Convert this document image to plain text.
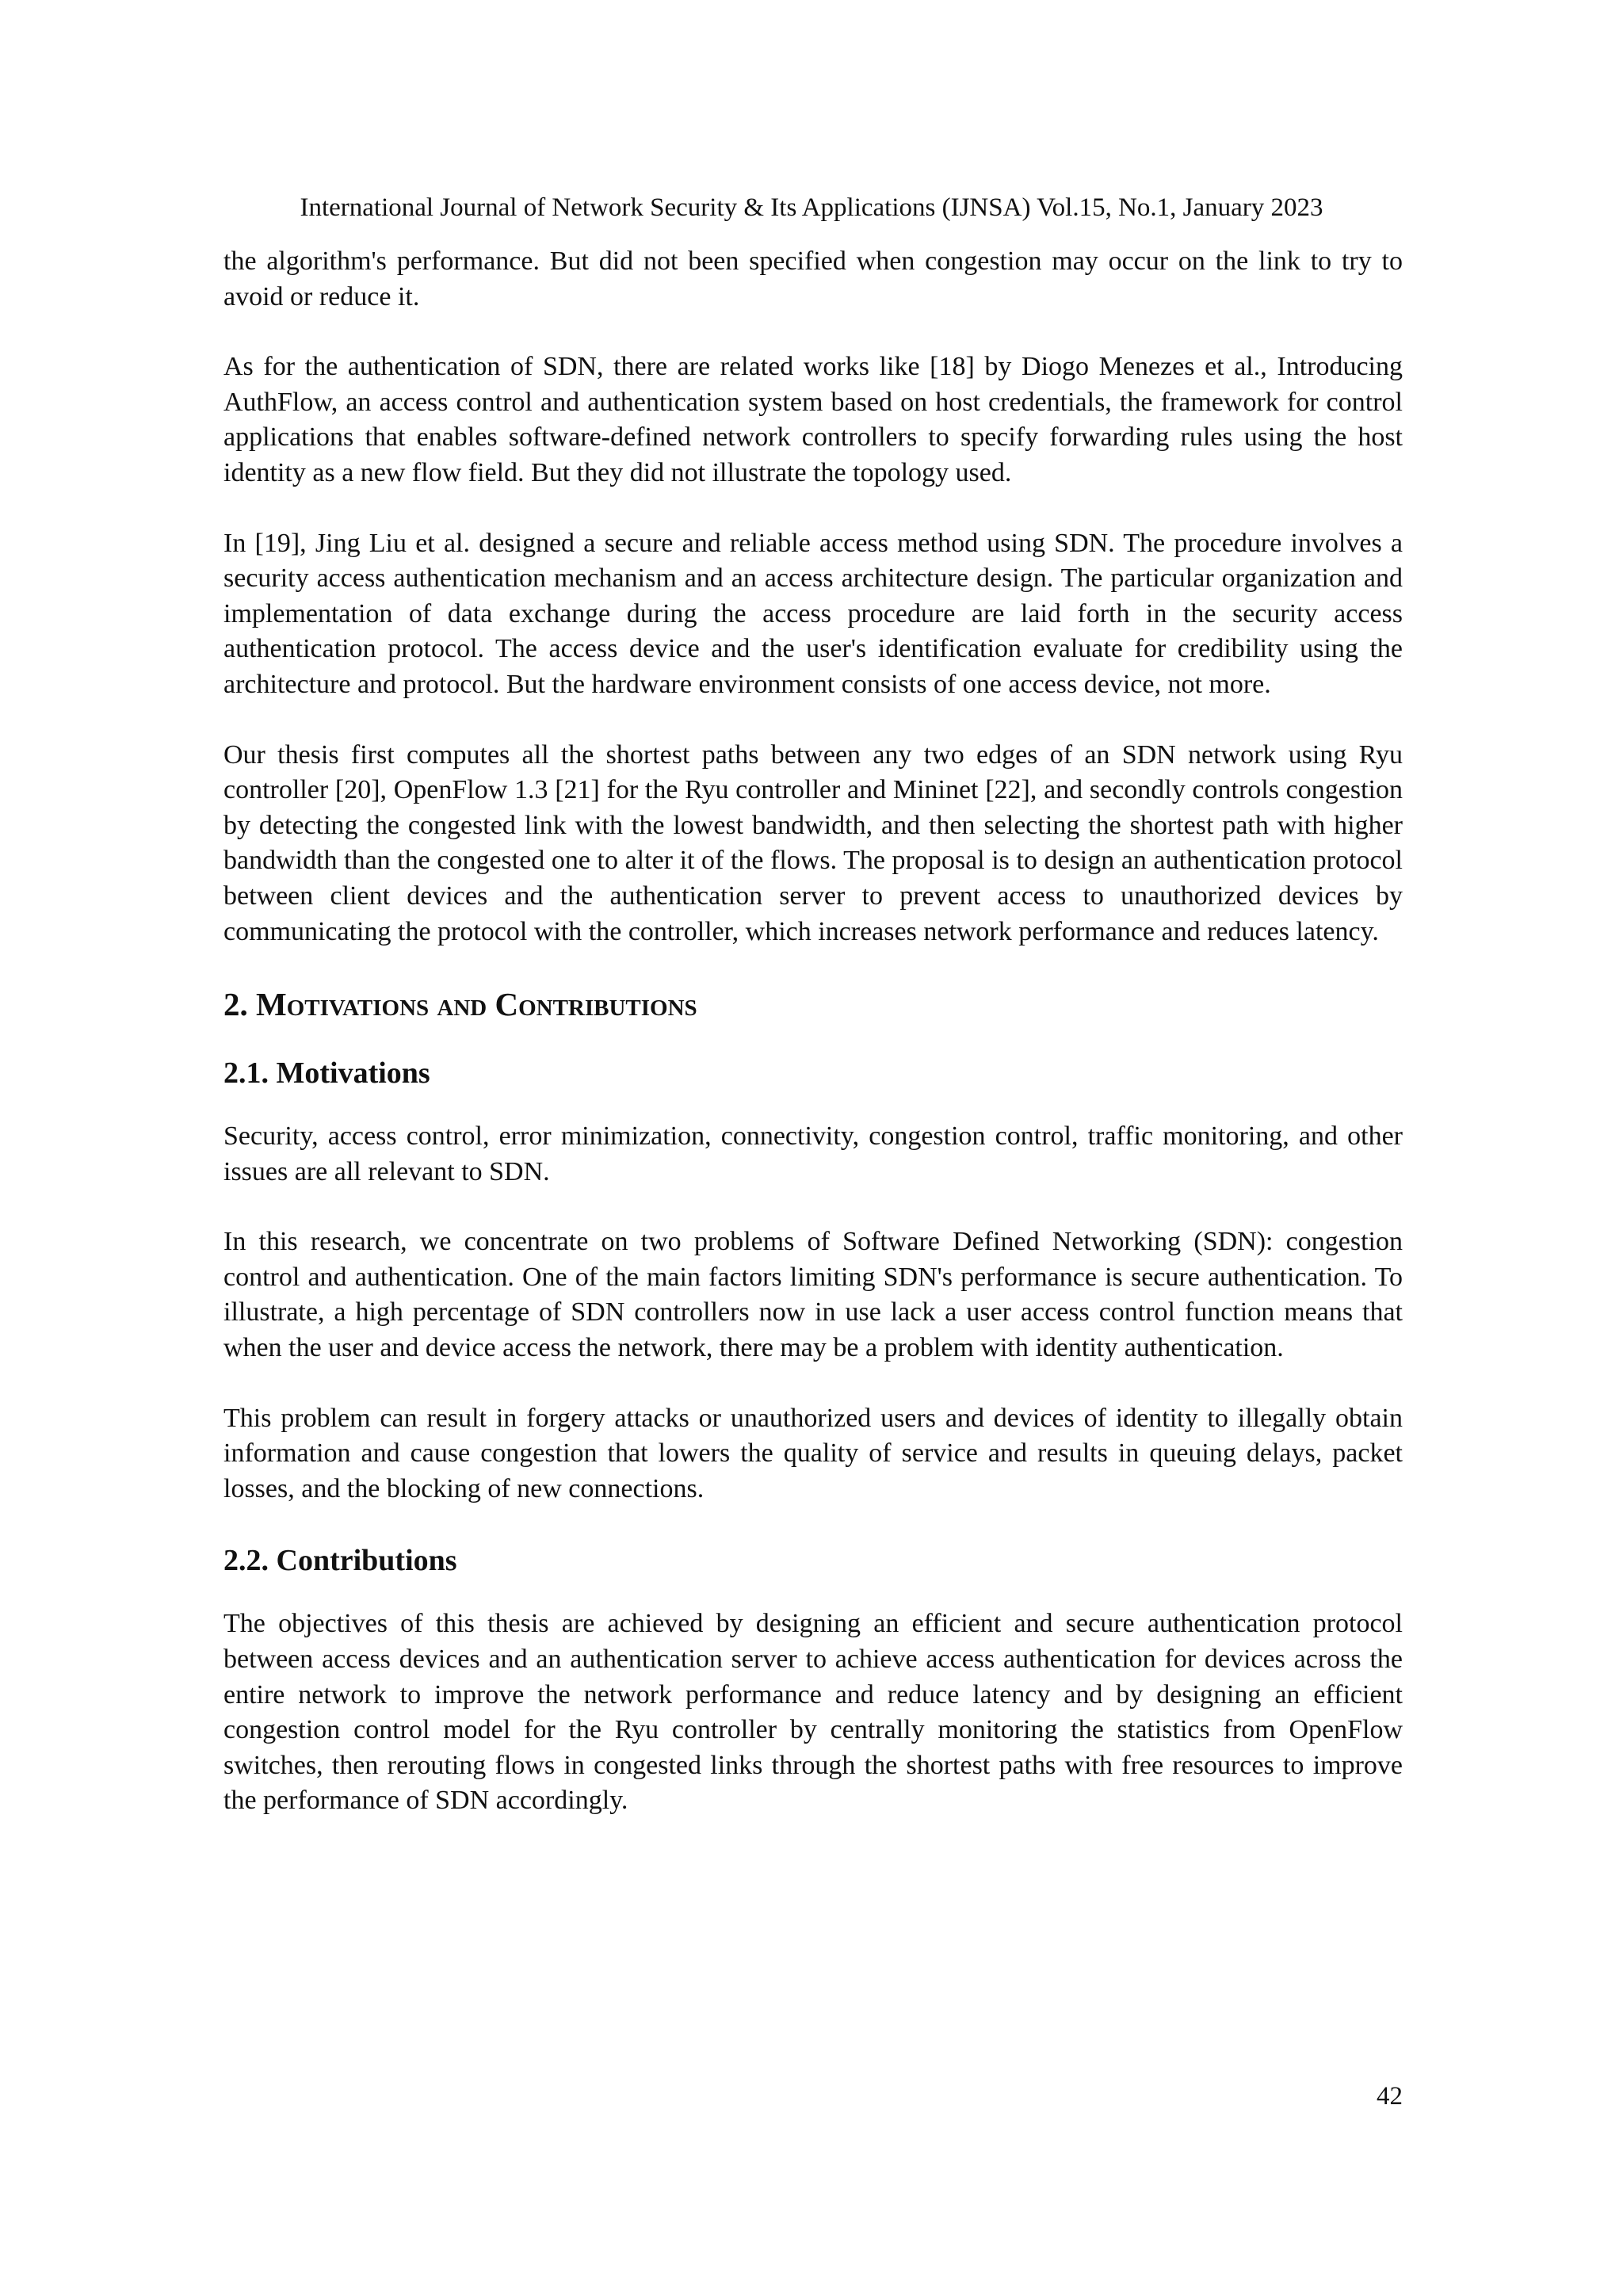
International Journal of Network Security & Its Applications (IJNSA) Vol.15, No.1, January 2023

the algorithm's performance. But did not been specified when congestion may occur on the link to try to avoid or reduce it.

As for the authentication of SDN, there are related works like [18] by Diogo Menezes et al., Introducing AuthFlow, an access control and authentication system based on host credentials, the framework for control applications that enables software-defined network controllers to specify forwarding rules using the host identity as a new flow field. But they did not illustrate the topology used.

In [19], Jing Liu et al. designed a secure and reliable access method using SDN. The procedure involves a security access authentication mechanism and an access architecture design. The particular organization and implementation of data exchange during the access procedure are laid forth in the security access authentication protocol. The access device and the user's identification evaluate for credibility using the architecture and protocol. But the hardware environment consists of one access device, not more.

Our thesis first computes all the shortest paths between any two edges of an SDN network using Ryu controller [20], OpenFlow 1.3 [21] for the Ryu controller and Mininet [22], and secondly controls congestion by detecting the congested link with the lowest bandwidth, and then selecting the shortest path with higher bandwidth than the congested one to alter it of the flows. The proposal is to design an authentication protocol between client devices and the authentication server to prevent access to unauthorized devices by communicating the protocol with the controller, which increases network performance and reduces latency.

2. Motivations and Contributions
2.1. Motivations

Security, access control, error minimization, connectivity, congestion control, traffic monitoring, and other issues are all relevant to SDN.

In this research, we concentrate on two problems of Software Defined Networking (SDN): congestion control and authentication. One of the main factors limiting SDN's performance is secure authentication. To illustrate, a high percentage of SDN controllers now in use lack a user access control function means that when the user and device access the network, there may be a problem with identity authentication.

This problem can result in forgery attacks or unauthorized users and devices of identity to illegally obtain information and cause congestion that lowers the quality of service and results in queuing delays, packet losses, and the blocking of new connections.

2.2. Contributions

The objectives of this thesis are achieved by designing an efficient and secure authentication protocol between access devices and an authentication server to achieve access authentication for devices across the entire network to improve the network performance and reduce latency and by designing an efficient congestion control model for the Ryu controller by centrally monitoring the statistics from OpenFlow switches, then rerouting flows in congested links through the shortest paths with free resources to improve the performance of SDN accordingly.

42
